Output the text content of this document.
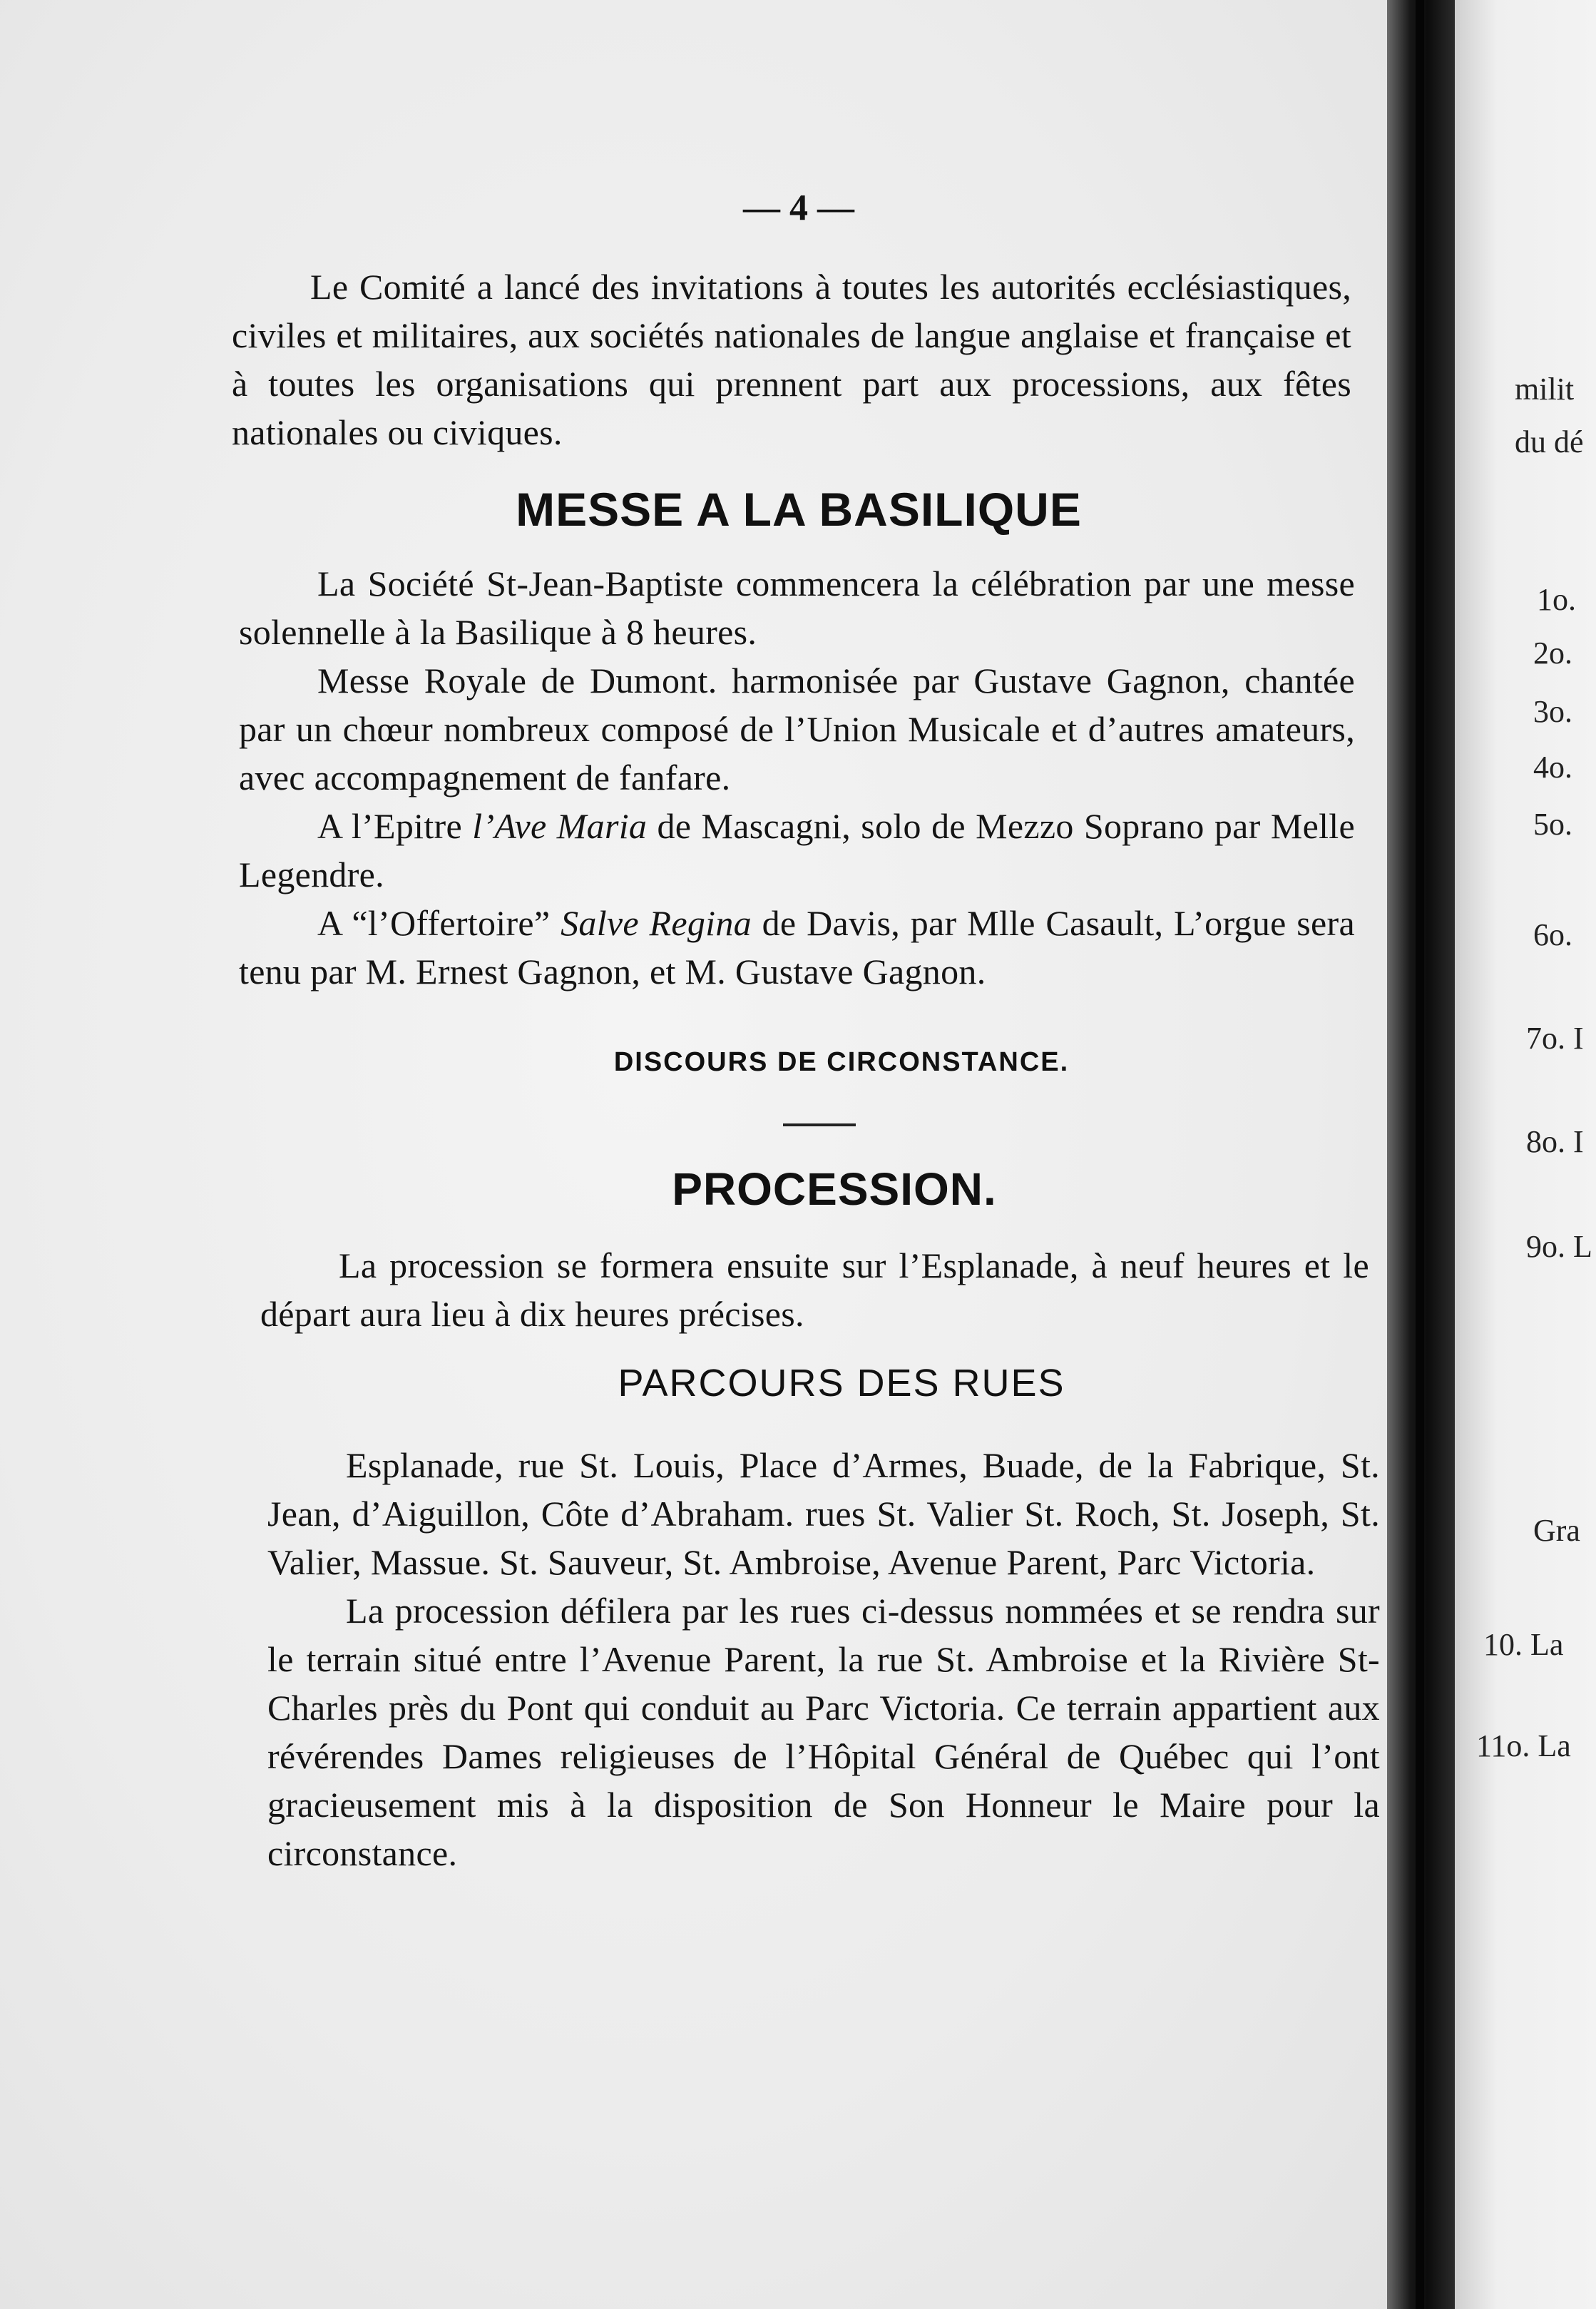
— 4 —

Le Comité a lancé des invitations à toutes les autorités ecclésiastiques, civiles et militaires, aux sociétés nationales de langue anglaise et française et à toutes les organisations qui prennent part aux processions, aux fêtes nationales ou civiques.

MESSE A LA BASILIQUE

La Société St-Jean-Baptiste commencera la célébration par une messe solennelle à la Basilique à 8 heures.

Messe Royale de Dumont. harmonisée par Gustave Gagnon, chantée par un chœur nombreux composé de l’Union Musicale et d’autres amateurs, avec accompagnement de fanfare.

A l’Epitre l’Ave Maria de Mascagni, solo de Mezzo Soprano par Melle Legendre.

A “l’Offertoire” Salve Regina de Davis, par Mlle Casault, L’orgue sera tenu par M. Ernest Gagnon, et M. Gustave Gagnon.

DISCOURS DE CIRCONSTANCE.
PROCESSION.

La procession se formera ensuite sur l’Esplanade, à neuf heures et le départ aura lieu à dix heures précises.

PARCOURS DES RUES

Esplanade, rue St. Louis, Place d’Armes, Buade, de la Fabrique, St. Jean, d’Aiguillon, Côte d’Abraham. rues St. Valier St. Roch, St. Joseph, St. Valier, Massue. St. Sauveur, St. Ambroise, Avenue Parent, Parc Victoria.

La procession défilera par les rues ci-dessus nommées et se rendra sur le terrain situé entre l’Avenue Parent, la rue St. Ambroise et la Rivière St-Charles près du Pont qui conduit au Parc Victoria. Ce terrain appartient aux révérendes Dames religieuses de l’Hôpital Général de Québec qui l’ont gracieusement mis à la disposition de Son Honneur le Maire pour la circonstance.

milit
du dé
1o.
2o.
3o.
4o.
5o.
6o.
7o. I
8o. I
9o. L
Gra
10. La
11o. La
